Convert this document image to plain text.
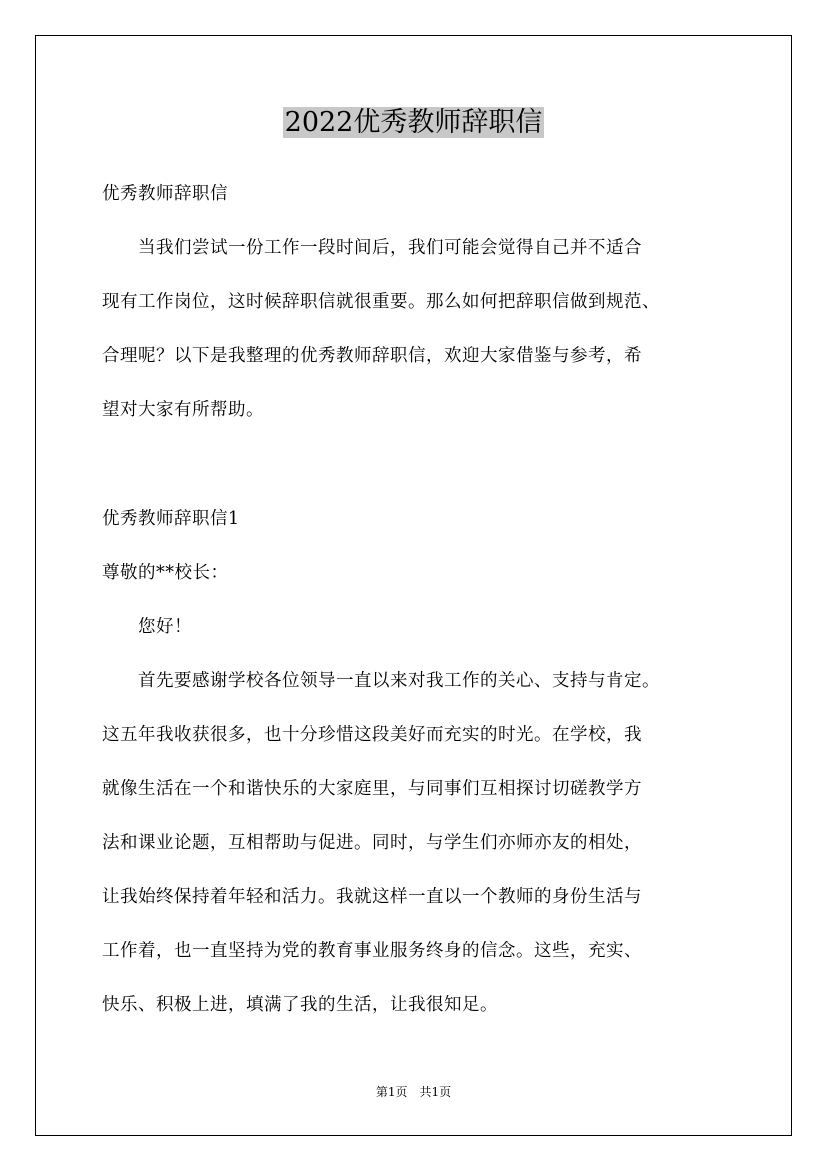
2022优秀教师辞职信
优秀教师辞职信
　　当我们尝试一份工作一段时间后，我们可能会觉得自己并不适合
现有工作岗位，这时候辞职信就很重要。那么如何把辞职信做到规范、
合理呢？以下是我整理的优秀教师辞职信，欢迎大家借鉴与参考，希
望对大家有所帮助。
优秀教师辞职信1
尊敬的**校长：
　　您好！
　　首先要感谢学校各位领导一直以来对我工作的关心、支持与肯定。
这五年我收获很多，也十分珍惜这段美好而充实的时光。在学校，我
就像生活在一个和谐快乐的大家庭里，与同事们互相探讨切磋教学方
法和课业论题，互相帮助与促进。同时，与学生们亦师亦友的相处，
让我始终保持着年轻和活力。我就这样一直以一个教师的身份生活与
工作着，也一直坚持为党的教育事业服务终身的信念。这些，充实、
快乐、积极上进，填满了我的生活，让我很知足。
第1页　共1页
